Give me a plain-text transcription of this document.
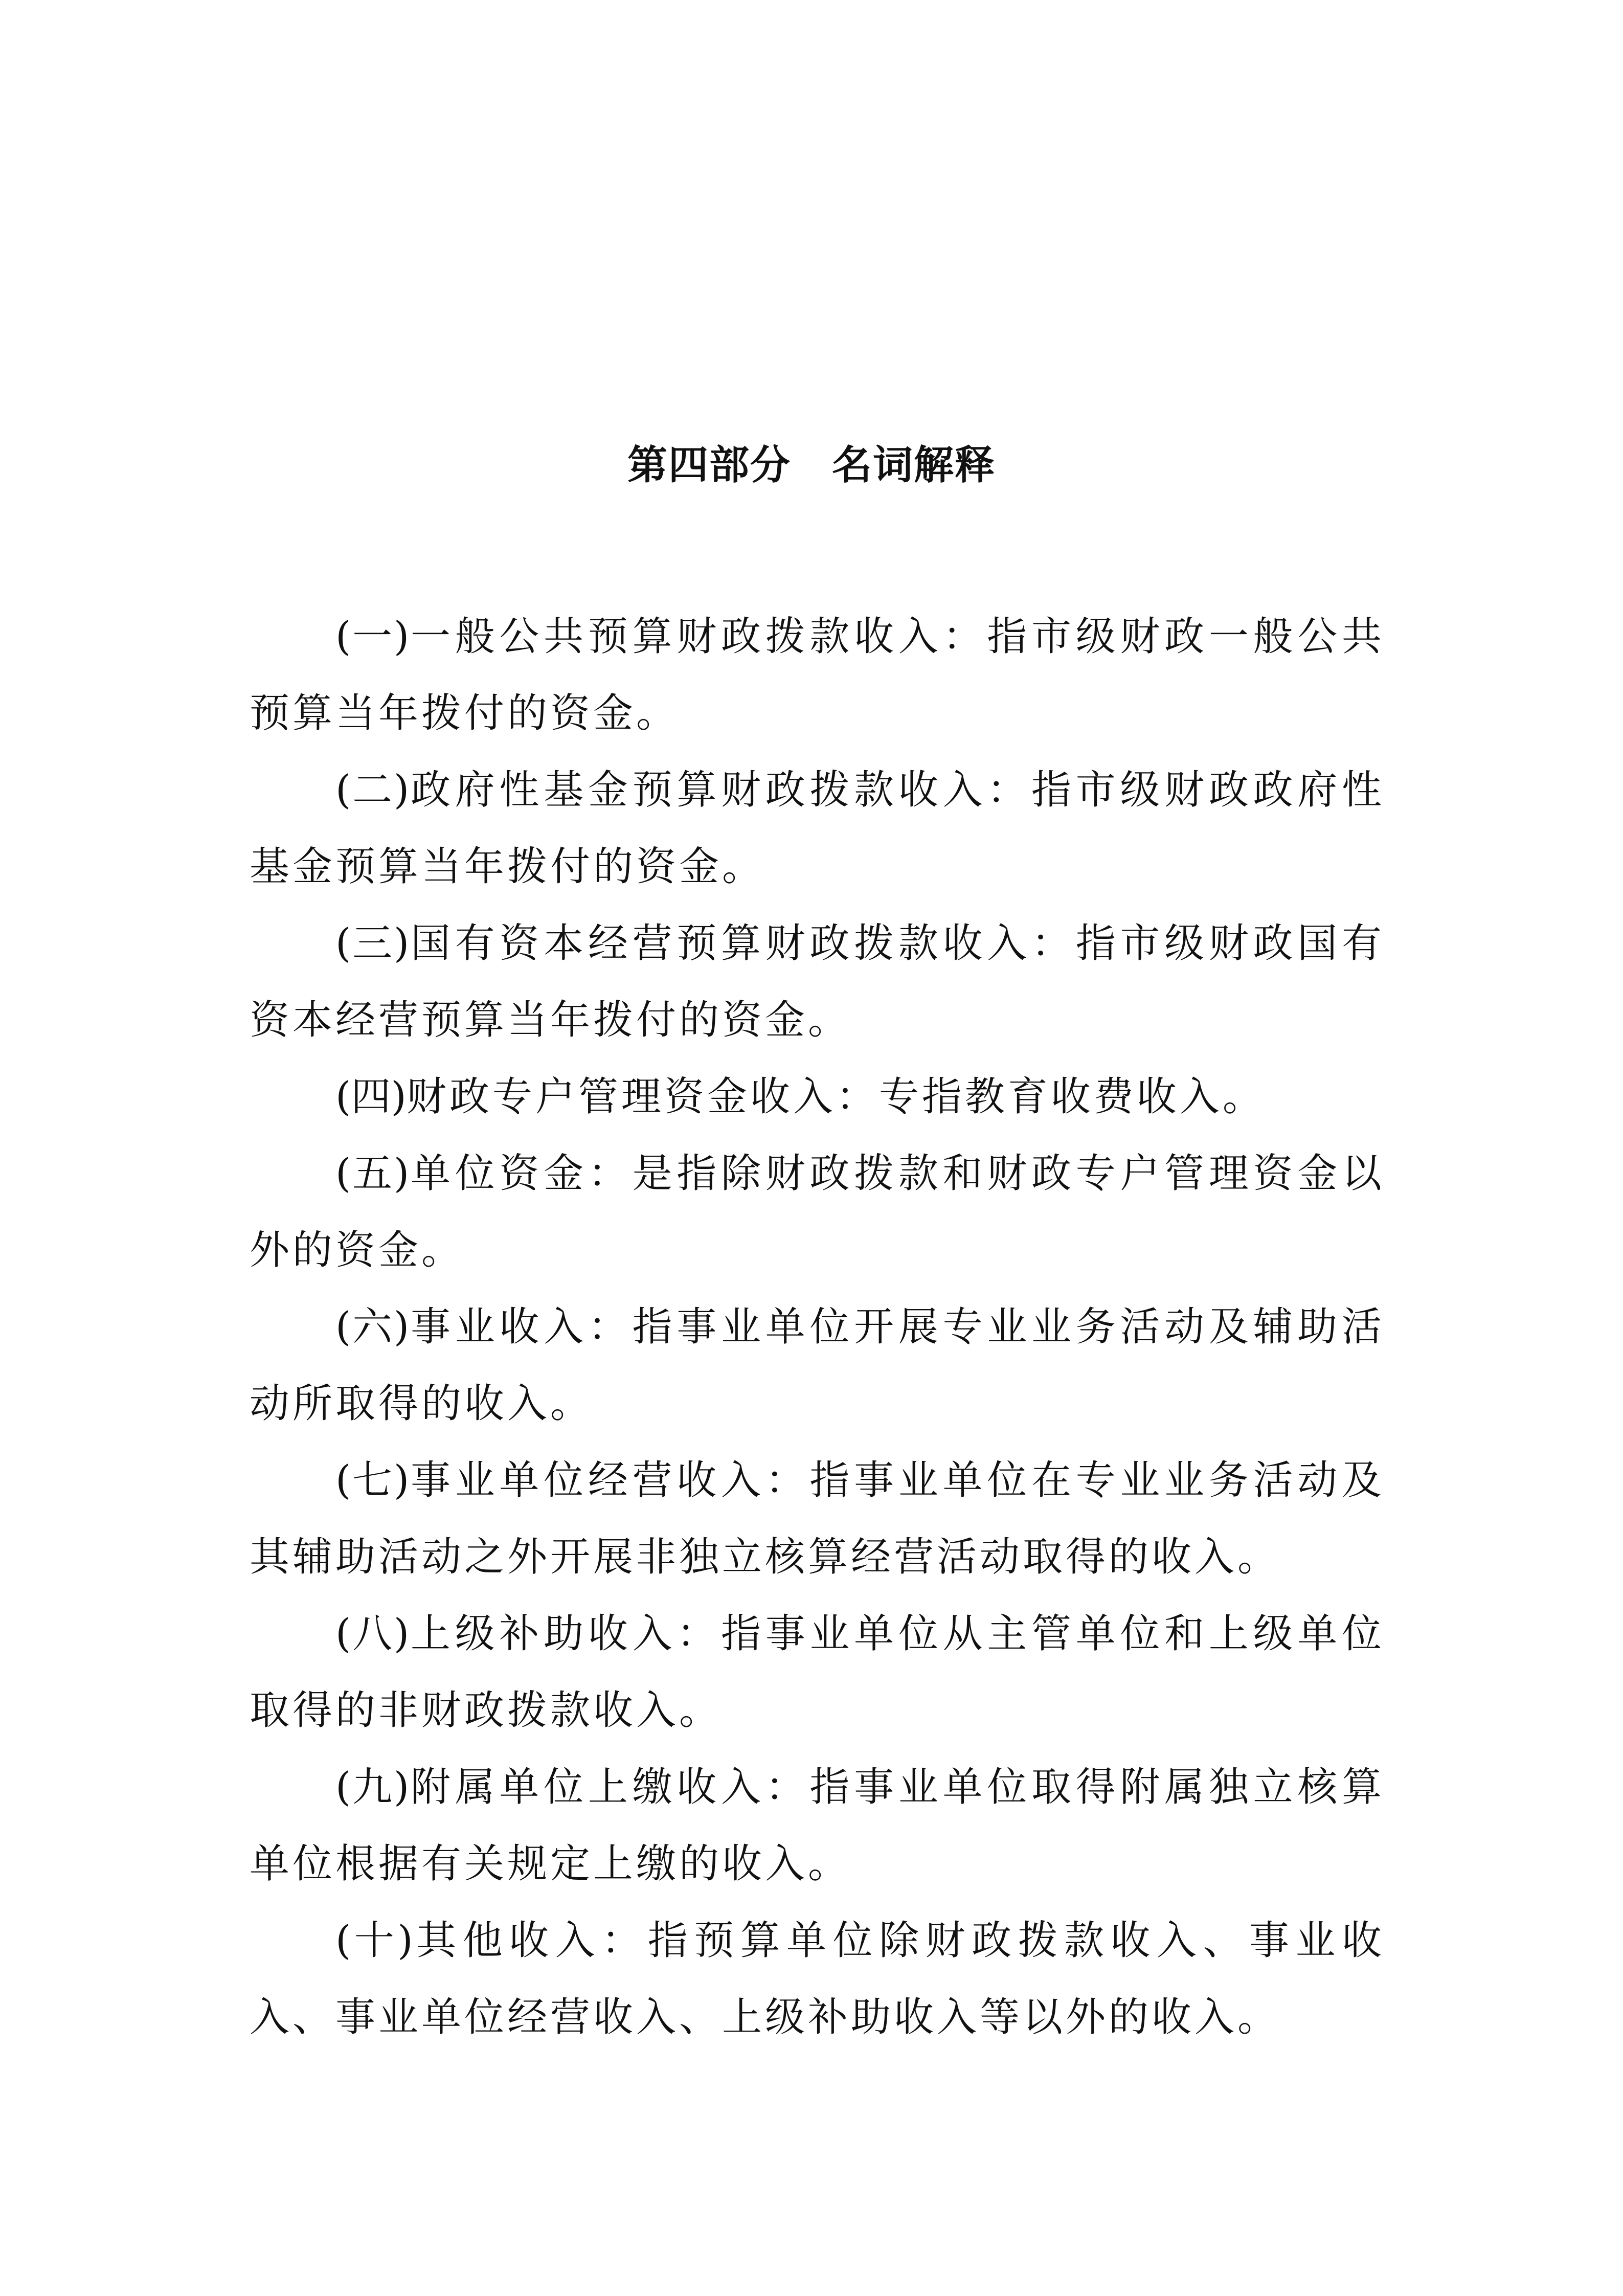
第四部分　名词解释

(一)一般公共预算财政拨款收入：指市级财政一般公共预算当年拨付的资金。

(二)政府性基金预算财政拨款收入：指市级财政政府性基金预算当年拨付的资金。

(三)国有资本经营预算财政拨款收入：指市级财政国有资本经营预算当年拨付的资金。

(四)财政专户管理资金收入：专指教育收费收入。

(五)单位资金：是指除财政拨款和财政专户管理资金以外的资金。

(六)事业收入：指事业单位开展专业业务活动及辅助活动所取得的收入。

(七)事业单位经营收入：指事业单位在专业业务活动及其辅助活动之外开展非独立核算经营活动取得的收入。

(八)上级补助收入：指事业单位从主管单位和上级单位取得的非财政拨款收入。

(九)附属单位上缴收入：指事业单位取得附属独立核算单位根据有关规定上缴的收入。

(十)其他收入：指预算单位除财政拨款收入、事业收入、事业单位经营收入、上级补助收入等以外的收入。
